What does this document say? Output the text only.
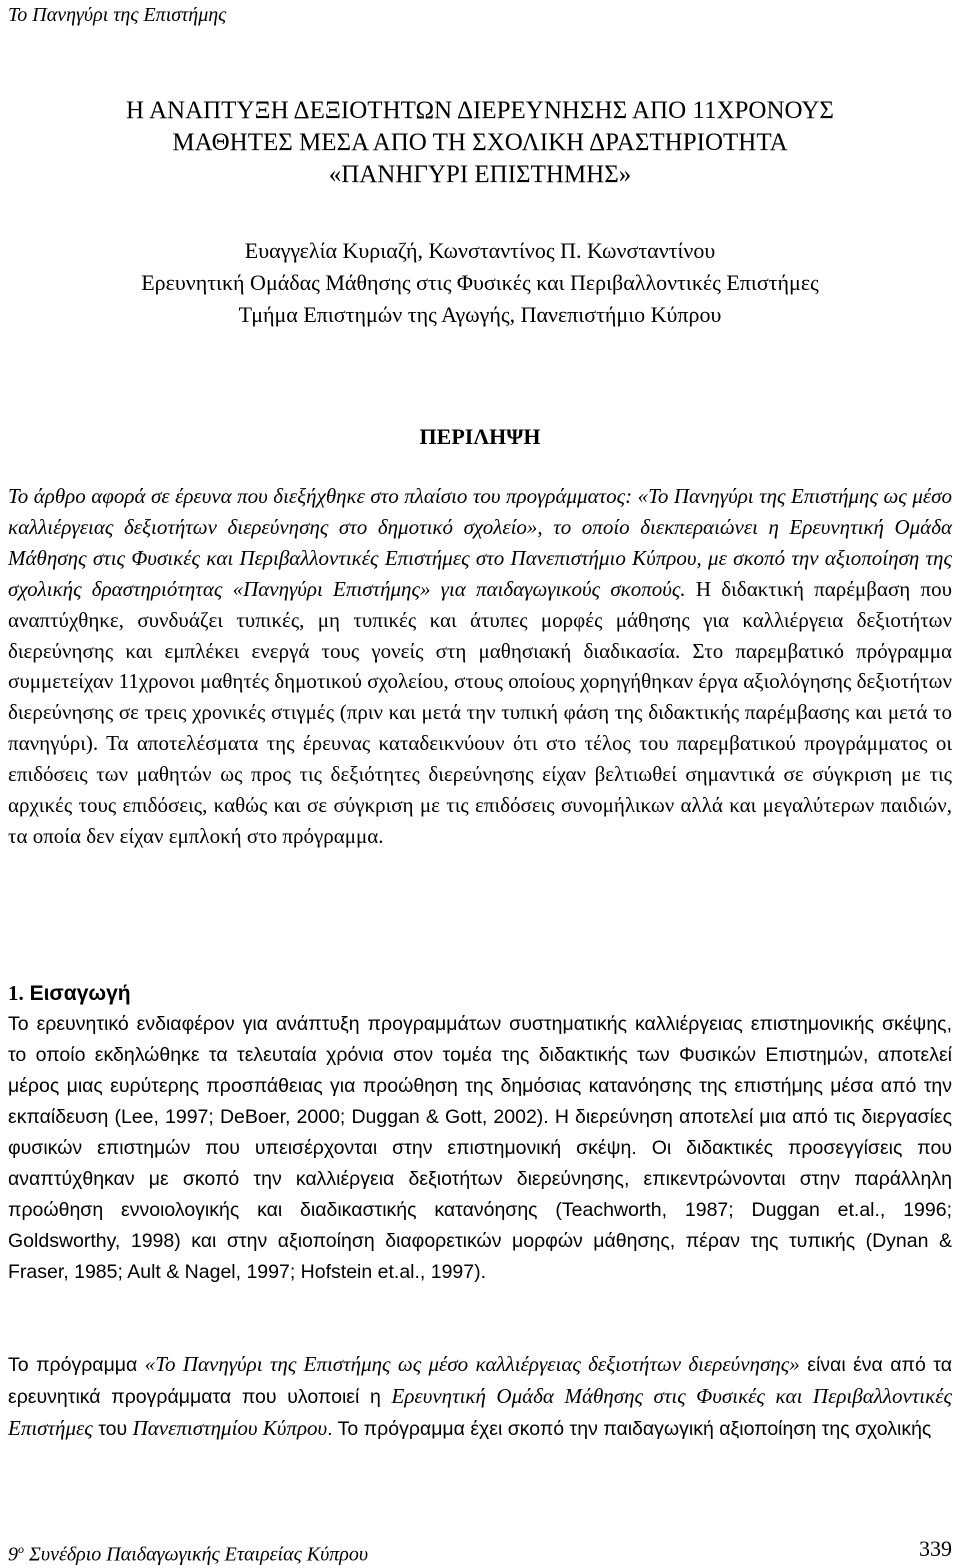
Το Πανηγύρι της Επιστήμης
Η ΑΝΑΠΤΥΞΗ ΔΕΞΙΟΤΗΤΩΝ ΔΙΕΡΕΥΝΗΣΗΣ ΑΠΟ 11ΧΡΟΝΟΥΣ
ΜΑΘΗΤΕΣ ΜΕΣΑ ΑΠΟ ΤΗ ΣΧΟΛΙΚΗ ΔΡΑΣΤΗΡΙΟΤΗΤΑ
«ΠΑΝΗΓΥΡΙ ΕΠΙΣΤΗΜΗΣ»
Ευαγγελία Κυριαζή, Κωνσταντίνος Π. Κωνσταντίνου
Ερευνητική Ομάδας Μάθησης στις Φυσικές και Περιβαλλοντικές Επιστήμες
Τμήμα Επιστημών της Αγωγής, Πανεπιστήμιο Κύπρου
ΠΕΡΙΛΗΨΗ

Το άρθρο αφορά σε έρευνα που διεξήχθηκε στο πλαίσιο του προγράμματος: «Το Πανηγύρι της Επιστήμης ως μέσο καλλιέργειας δεξιοτήτων διερεύνησης στο δημοτικό σχολείο», το οποίο διεκπεραιώνει η Ερευνητική Ομάδα Μάθησης στις Φυσικές και Περιβαλλοντικές Επιστήμες στο Πανεπιστήμιο Κύπρου, με σκοπό την αξιοποίηση της σχολικής δραστηριότητας «Πανηγύρι Επιστήμης» για παιδαγωγικούς σκοπούς. Η διδακτική παρέμβαση που αναπτύχθηκε, συνδυάζει τυπικές, μη τυπικές και άτυπες μορφές μάθησης για καλλιέργεια δεξιοτήτων διερεύνησης και εμπλέκει ενεργά τους γονείς στη μαθησιακή διαδικασία. Στο παρεμβατικό πρόγραμμα συμμετείχαν 11χρονοι μαθητές δημοτικού σχολείου, στους οποίους χορηγήθηκαν έργα αξιολόγησης δεξιοτήτων διερεύνησης σε τρεις χρονικές στιγμές (πριν και μετά την τυπική φάση της διδακτικής παρέμβασης και μετά το πανηγύρι). Τα αποτελέσματα της έρευνας καταδεικνύουν ότι στο τέλος του παρεμβατικού προγράμματος οι επιδόσεις των μαθητών ως προς τις δεξιότητες διερεύνησης είχαν βελτιωθεί σημαντικά σε σύγκριση με τις αρχικές τους επιδόσεις, καθώς και σε σύγκριση με τις επιδόσεις συνομήλικων αλλά και μεγαλύτερων παιδιών, τα οποία δεν είχαν εμπλοκή στο πρόγραμμα.

1. Εισαγωγή

Το ερευνητικό ενδιαφέρον για ανάπτυξη προγραμμάτων συστηματικής καλλιέργειας επιστημονικής σκέψης, το οποίο εκδηλώθηκε τα τελευταία χρόνια στον τομέα της διδακτικής των Φυσικών Επιστημών, αποτελεί μέρος μιας ευρύτερης προσπάθειας για προώθηση της δημόσιας κατανόησης της επιστήμης μέσα από την εκπαίδευση (Lee, 1997; DeBoer, 2000; Duggan & Gott, 2002). Η διερεύνηση αποτελεί μια από τις διεργασίες φυσικών επιστημών που υπεισέρχονται στην επιστημονική σκέψη. Οι διδακτικές προσεγγίσεις που αναπτύχθηκαν με σκοπό την καλλιέργεια δεξιοτήτων διερεύνησης, επικεντρώνονται στην παράλληλη προώθηση εννοιολογικής και διαδικαστικής κατανόησης (Teachworth, 1987; Duggan et.al., 1996; Goldsworthy, 1998) και στην αξιοποίηση διαφορετικών μορφών μάθησης, πέραν της τυπικής (Dynan & Fraser, 1985; Ault & Nagel, 1997; Hofstein et.al., 1997).

Το πρόγραμμα «Το Πανηγύρι της Επιστήμης ως μέσο καλλιέργειας δεξιοτήτων διερεύνησης» είναι ένα από τα ερευνητικά προγράμματα που υλοποιεί η Ερευνητική Ομάδα Μάθησης στις Φυσικές και Περιβαλλοντικές Επιστήμες του Πανεπιστημίου Κύπρου. Το πρόγραμμα έχει σκοπό την παιδαγωγική αξιοποίηση της σχολικής

$9^o$ Συνέδριο Παιδαγωγικής Εταιρείας Κύπρου	339
